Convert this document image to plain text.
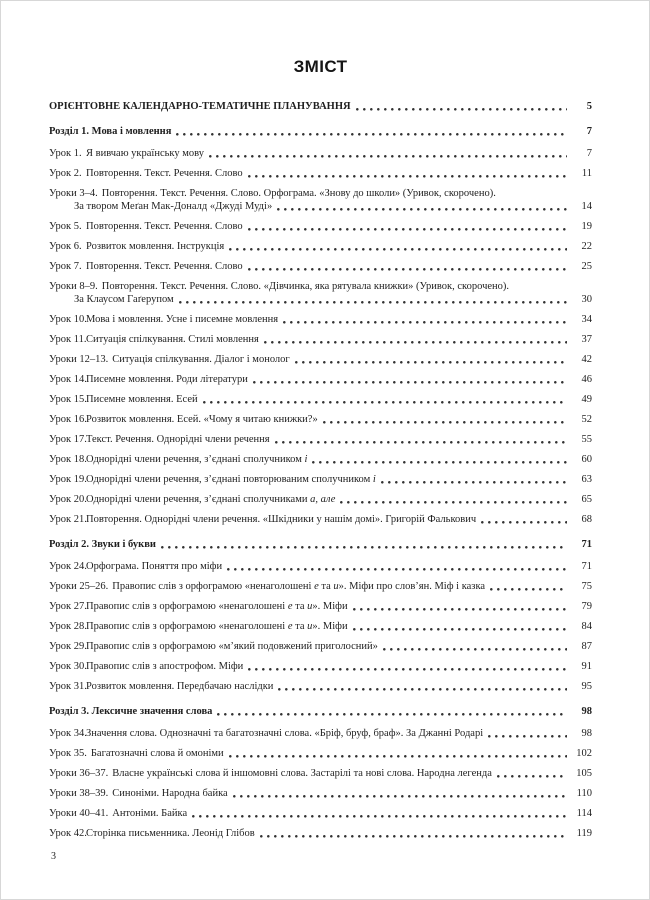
ЗМІСТ
ОРІЄНТОВНЕ КАЛЕНДАРНО-ТЕМАТИЧНЕ ПЛАНУВАННЯ	5
Розділ 1. Мова і мовлення	7
Урок 1. Я вивчаю українську мову	7
Урок 2. Повторення. Текст. Речення. Слово	11
Уроки 3–4. Повторення. Текст. Речення. Слово. Орфограма. «Знову до школи» (Уривок, скорочено).
За твором Меґан Мак-Доналд «Джуді Муді»	14
Урок 5. Повторення. Текст. Речення. Слово	19
Урок 6. Розвиток мовлення. Інструкція	22
Урок 7. Повторення. Текст. Речення. Слово	25
Уроки 8–9. Повторення. Текст. Речення. Слово. «Дівчинка, яка рятувала книжки» (Уривок, скорочено).
За Клаусом Гаґерупом	30
Урок 10. Мова і мовлення. Усне і писемне мовлення	34
Урок 11. Ситуація спілкування. Стилі мовлення	37
Уроки 12–13. Ситуація спілкування. Діалог і монолог	42
Урок 14. Писемне мовлення. Роди літератури	46
Урок 15. Писемне мовлення. Есей	49
Урок 16. Розвиток мовлення. Есей. «Чому я читаю книжки?»	52
Урок 17. Текст. Речення. Однорідні члени речення	55
Урок 18. Однорідні члени речення, з’єднані сполучником і	60
Урок 19. Однорідні члени речення, з’єднані повторюваним сполучником і	63
Урок 20. Однорідні члени речення, з’єднані сполучниками а, але	65
Урок 21. Повторення. Однорідні члени речення. «Шкідники у нашім домі». Григорій Фалькович	68
Розділ 2. Звуки і букви	71
Урок 24. Орфограма. Поняття про міфи	71
Уроки 25–26. Правопис слів з орфограмою «ненаголошені е та и». Міфи про слов’ян. Міф і казка	75
Урок 27. Правопис слів з орфограмою «ненаголошені е та и». Міфи	79
Урок 28. Правопис слів з орфограмою «ненаголошені е та и». Міфи	84
Урок 29. Правопис слів з орфограмою «м’який подовжений приголосний»	87
Урок 30. Правопис слів з апострофом. Міфи	91
Урок 31. Розвиток мовлення. Передбачаю наслідки	95
Розділ 3. Лексичне значення слова	98
Урок 34. Значення слова. Однозначні та багатозначні слова. «Бріф, бруф, браф». За Джанні Родарі	98
Урок 35. Багатозначні слова й омоніми	102
Уроки 36–37. Власне українські слова й іншомовні слова. Застарілі та нові слова. Народна легенда	105
Уроки 38–39. Синоніми. Народна байка	110
Уроки 40–41. Антоніми. Байка	114
Урок 42. Сторінка письменника. Леонід Глібов	119
3
